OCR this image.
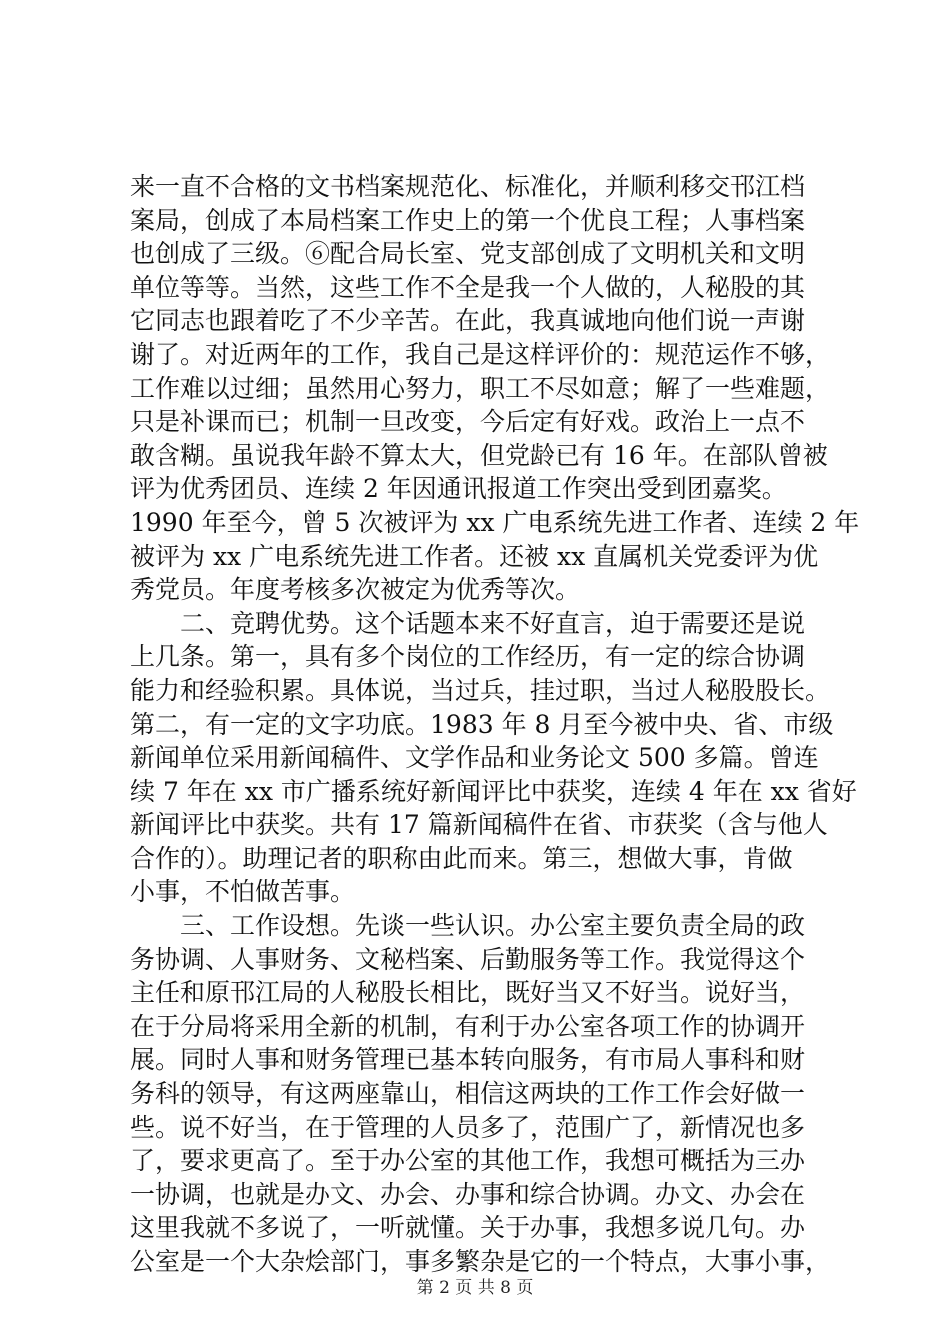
来一直不合格的文书档案规范化、标准化，并顺利移交邗江档
案局，创成了本局档案工作史上的第一个优良工程；人事档案
也创成了三级。⑥配合局长室、党支部创成了文明机关和文明
单位等等。当然，这些工作不全是我一个人做的，人秘股的其
它同志也跟着吃了不少辛苦。在此，我真诚地向他们说一声谢
谢了。对近两年的工作，我自己是这样评价的：规范运作不够，
工作难以过细；虽然用心努力，职工不尽如意；解了一些难题，
只是补课而已；机制一旦改变，今后定有好戏。政治上一点不
敢含糊。虽说我年龄不算太大，但党龄已有 16 年。在部队曾被
评为优秀团员、连续 2 年因通讯报道工作突出受到团嘉奖。
1990 年至今，曾 5 次被评为 xx 广电系统先进工作者、连续 2 年
被评为 xx 广电系统先进工作者。还被 xx 直属机关党委评为优
秀党员。年度考核多次被定为优秀等次。
二、竞聘优势。这个话题本来不好直言，迫于需要还是说
上几条。第一，具有多个岗位的工作经历，有一定的综合协调
能力和经验积累。具体说，当过兵，挂过职，当过人秘股股长。
第二，有一定的文字功底。1983 年 8 月至今被中央、省、市级
新闻单位采用新闻稿件、文学作品和业务论文 500 多篇。曾连
续 7 年在 xx 市广播系统好新闻评比中获奖，连续 4 年在 xx 省好
新闻评比中获奖。共有 17 篇新闻稿件在省、市获奖（含与他人
合作的）。助理记者的职称由此而来。第三，想做大事，肯做
小事，不怕做苦事。
三、工作设想。先谈一些认识。办公室主要负责全局的政
务协调、人事财务、文秘档案、后勤服务等工作。我觉得这个
主任和原邗江局的人秘股长相比，既好当又不好当。说好当，
在于分局将采用全新的机制，有利于办公室各项工作的协调开
展。同时人事和财务管理已基本转向服务，有市局人事科和财
务科的领导，有这两座靠山，相信这两块的工作工作会好做一
些。说不好当，在于管理的人员多了，范围广了，新情况也多
了，要求更高了。至于办公室的其他工作，我想可概括为三办
一协调，也就是办文、办会、办事和综合协调。办文、办会在
这里我就不多说了，一听就懂。关于办事，我想多说几句。办
公室是一个大杂烩部门，事多繁杂是它的一个特点，大事小事，
第 2 页 共 8 页
